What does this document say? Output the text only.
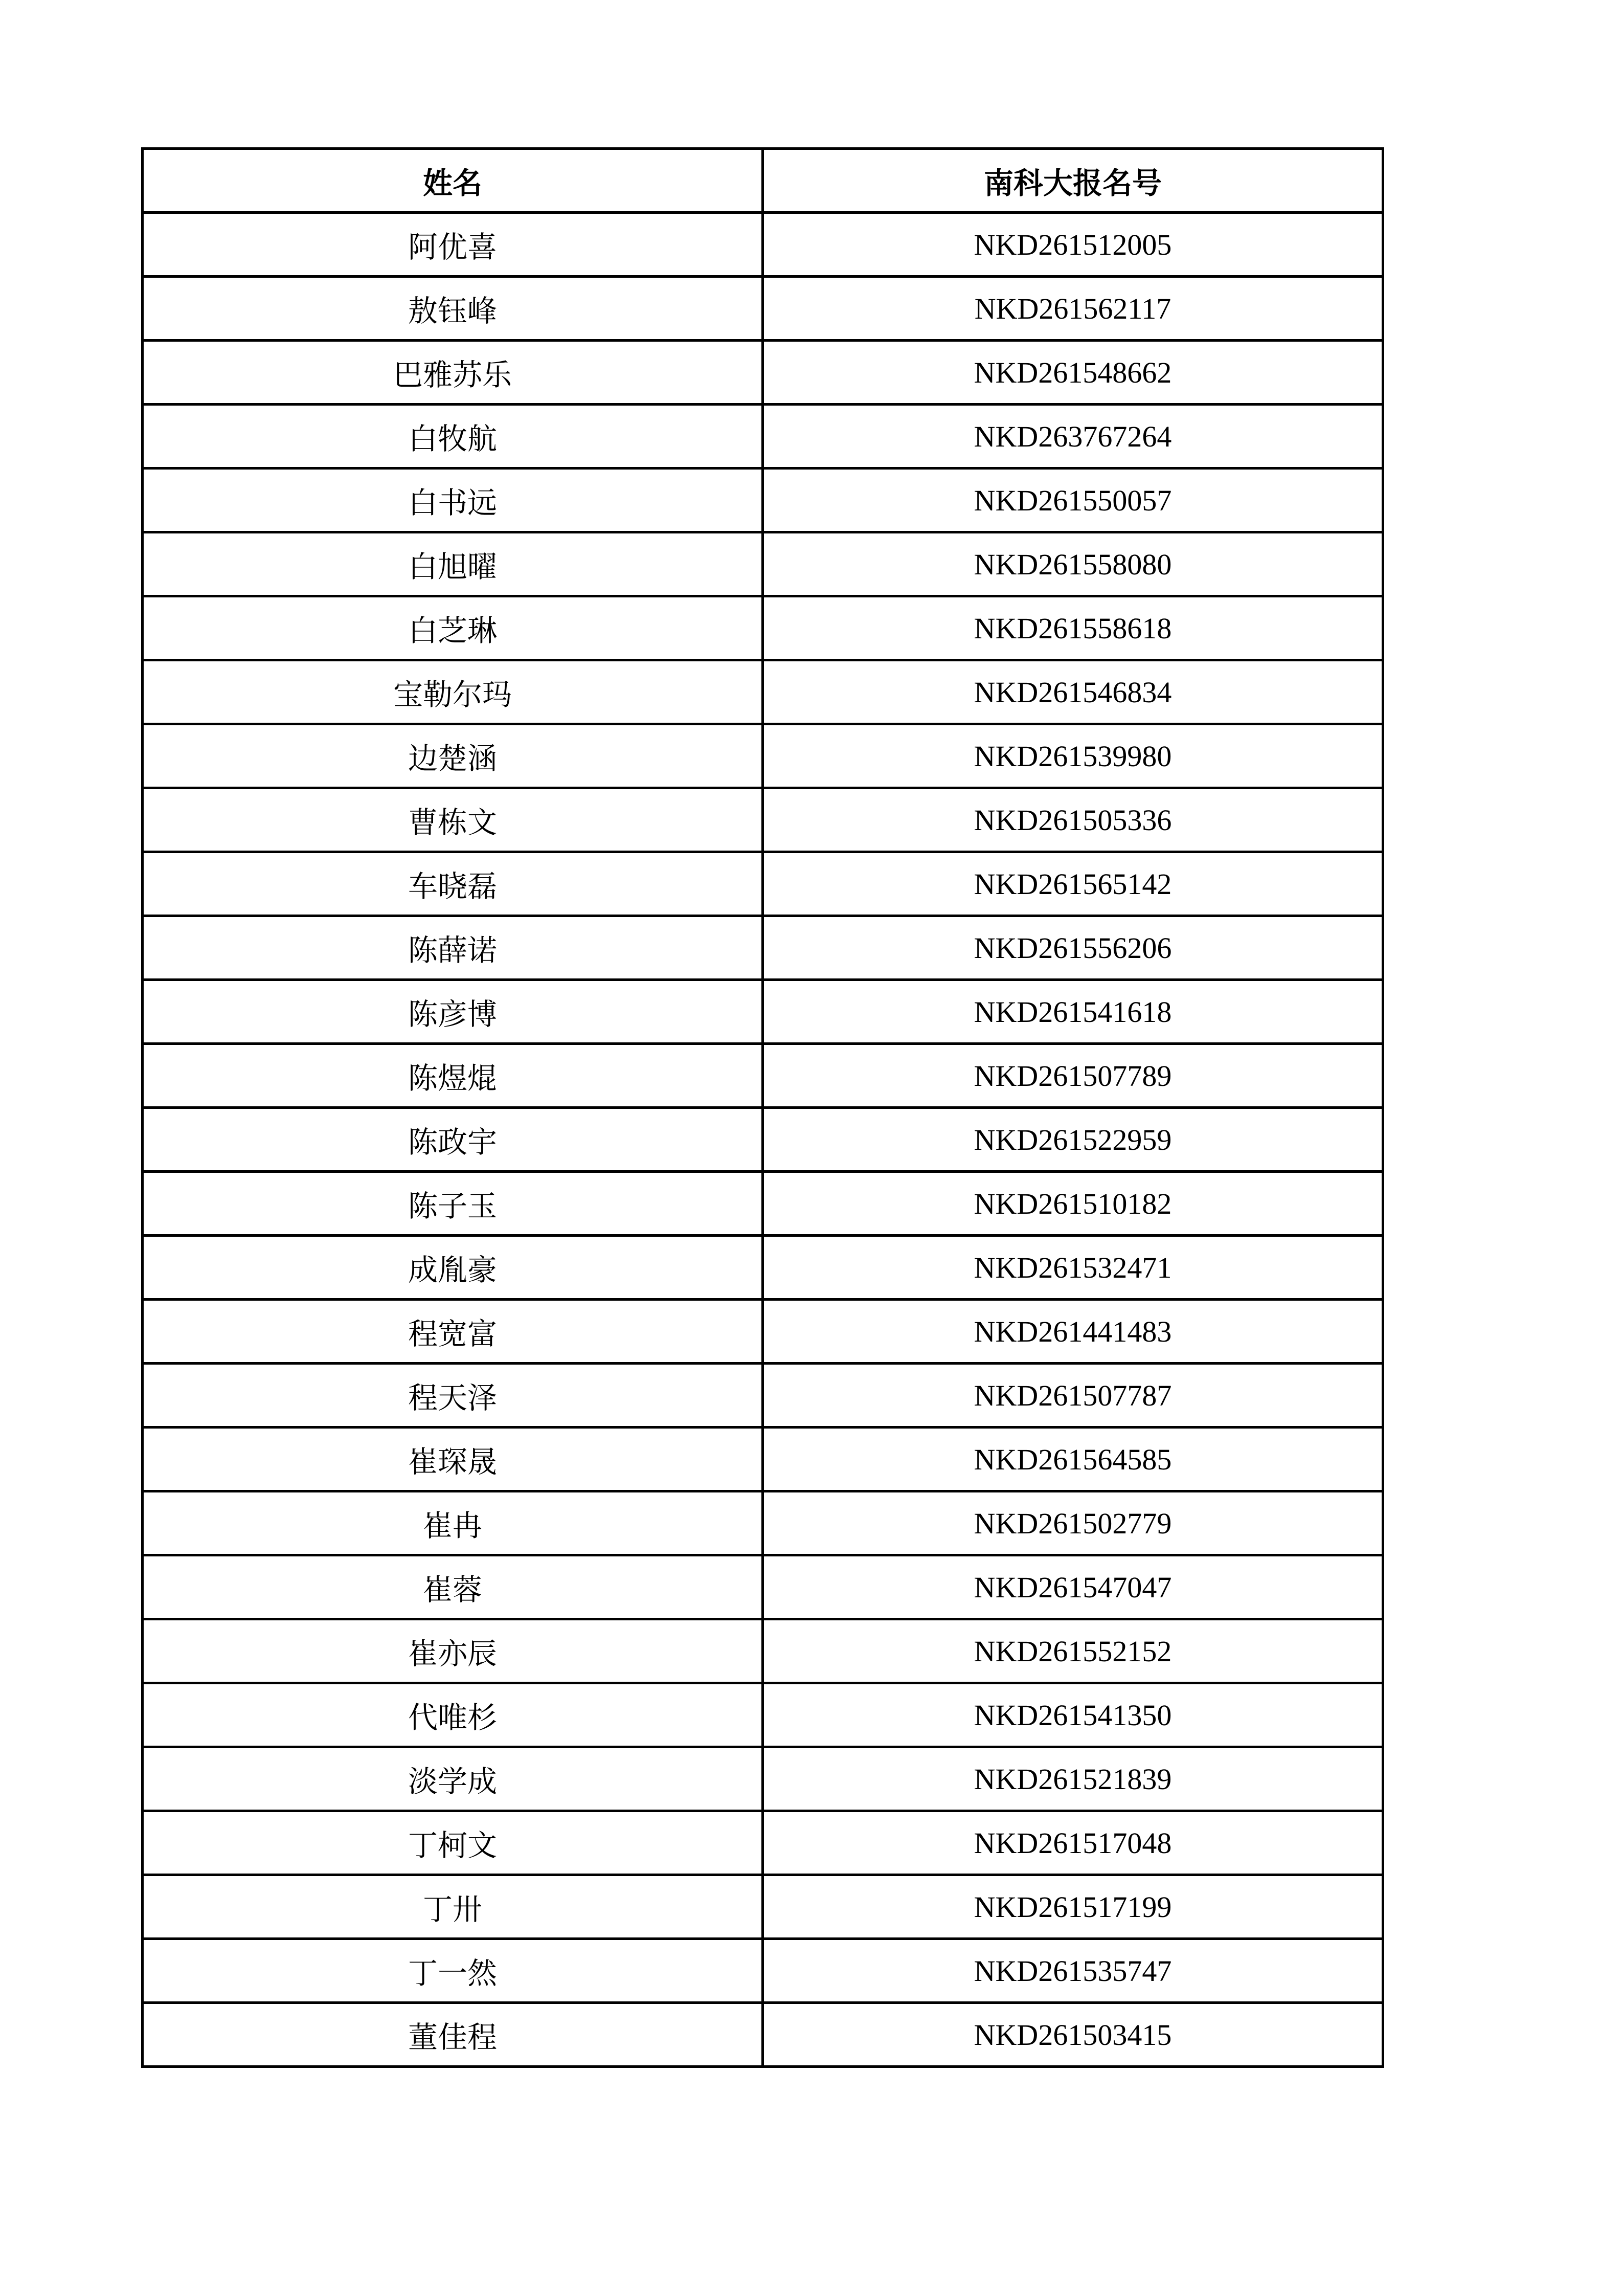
姓名	南科大报名号
阿优喜	NKD261512005
敖钰峰	NKD261562117
巴雅苏乐	NKD261548662
白牧航	NKD263767264
白书远	NKD261550057
白旭曜	NKD261558080
白芝琳	NKD261558618
宝勒尔玛	NKD261546834
边楚涵	NKD261539980
曹栋文	NKD261505336
车晓磊	NKD261565142
陈薛诺	NKD261556206
陈彦博	NKD261541618
陈煜焜	NKD261507789
陈政宇	NKD261522959
陈子玉	NKD261510182
成胤豪	NKD261532471
程宽富	NKD261441483
程天泽	NKD261507787
崔琛晟	NKD261564585
崔冉	NKD261502779
崔蓉	NKD261547047
崔亦辰	NKD261552152
代唯杉	NKD261541350
淡学成	NKD261521839
丁柯文	NKD261517048
丁卅	NKD261517199
丁一然	NKD261535747
董佳程	NKD261503415
